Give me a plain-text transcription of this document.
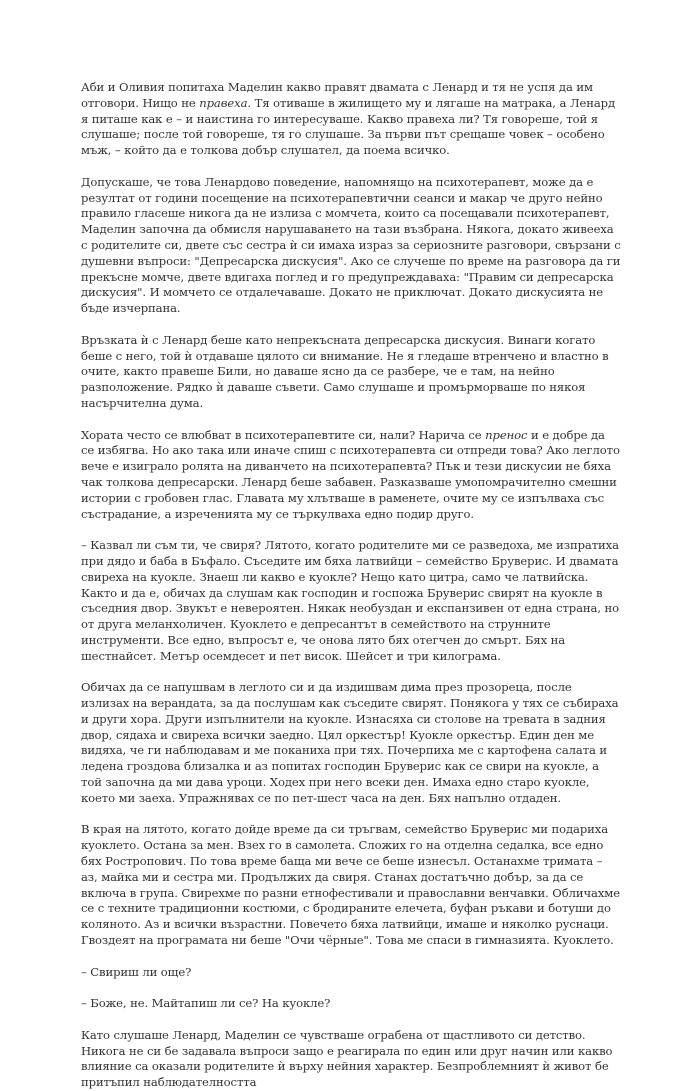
Аби и Оливия попитаха Маделин какво правят двамата с Ленард и тя не успя да им отговори. Нищо не правеха. Тя отиваше в жилището му и лягаше на матрака, а Ленард я питаше как е – и наистина го интересуваше. Какво правеха ли? Тя говореше, той я слушаше; после той говореше, тя го слушаше. За първи път срещаше човек – особено мъж, – който да е толкова добър слушател, да поема всичко.

Допускаше, че това Ленардово поведение, напомнящо на психотерапевт, може да е резултат от години посещение на психотерапевтични сеанси и макар че друго нейно правило гласеше никога да не излиза с момчета, които са посещавали психотерапевт, Маделин започна да обмисля нарушаването на тази възбрана. Някога, докато живееха с родителите си, двете със сестра ѝ си имаха израз за сериозните разговори, свързани с душевни въпроси: "Депресарска дискусия". Ако се случеше по време на разговора да ги прекъсне момче, двете вдигаха поглед и го предупреждаваха: "Правим си депресарска дискусия". И момчето се отдалечаваше. Докато не приключат. Докато дискусията не бъде изчерпана.

Връзката ѝ с Ленард беше като непрекъсната депресарска дискусия. Винаги когато беше с него, той ѝ отдаваше цялото си внимание. Не я гледаше втренчено и властно в очите, както правеше Били, но даваше ясно да се разбере, че е там, на нейно разположение. Рядко ѝ даваше съвети. Само слушаше и промърморваше по някоя насърчителна дума.

Хората често се влюбват в психотерапевтите си, нали? Нарича се пренос и е добре да се избягва. Но ако така или иначе спиш с психотерапевта си отпреди това? Ако леглото вече е изиграло ролята на диванчето на психотерапевта? Пък и тези дискусии не бяха чак толкова депресарски. Ленард беше забавен. Разказваше умопомрачително смешни истории с гробовен глас. Главата му хлътваше в раменете, очите му се изпълваха със състрадание, а изреченията му се търкулваха едно подир друго.

– Казвал ли съм ти, че свиря? Лятото, когато родителите ми се разведоха, ме изпратиха при дядо и баба в Бъфало. Съседите им бяха латвийци – семейство Бруверис. И двамата свиреха на куокле. Знаеш ли какво е куокле? Нещо като цитра, само че латвийска. Както и да е, обичах да слушам как господин и госпожа Бруверис свирят на куокле в съседния двор. Звукът е невероятен. Някак необуздан и експанзивен от една страна, но от друга меланхоличен. Куоклето е депресантът в семейството на струнните инструменти. Все едно, въпросът е, че онова лято бях отегчен до смърт. Бях на шестнайсет. Метър осемдесет и пет висок. Шейсет и три килограма.

Обичах да се напушвам в леглото си и да издишвам дима през прозореца, после излизах на верандата, за да послушам как съседите свирят. Понякога у тях се събираха и други хора. Други изпълнители на куокле. Изнасяха си столове на тревата в задния двор, сядаха и свиреха всички заедно. Цял оркестър! Куокле оркестър. Един ден ме видяха, че ги наблюдавам и ме поканиха при тях. Почерпиха ме с картофена салата и ледена гроздова близалка и аз попитах господин Бруверис как се свири на куокле, а той започна да ми дава уроци. Ходех при него всеки ден. Имаха едно старо куокле, което ми заеха. Упражнявах се по пет-шест часа на ден. Бях напълно отдаден.

В края на лятото, когато дойде време да си тръгвам, семейство Бруверис ми подариха куоклето. Остана за мен. Взех го в самолета. Сложих го на отделна седалка, все едно бях Ростропович. По това време баща ми вече се беше изнесъл. Останахме тримата – аз, майка ми и сестра ми. Продължих да свиря. Станах достатъчно добър, за да се включа в група. Свирехме по разни етнофестивали и православни венчавки. Обличахме се с техните традиционни костюми, с бродираните елечета, буфан ръкави и ботуши до коляното. Аз и всички възрастни. Повечето бяха латвийци, имаше и няколко руснаци. Гвоздеят на програмата ни беше "Очи чёрные". Това ме спаси в гимназията. Куоклето.

– Свириш ли още?

– Боже, не. Майтапиш ли се? На куокле?

Като слушаше Ленард, Маделин се чувстваше ограбена от щастливото си детство. Никога не си бе задавала въпроси защо е реагирала по един или друг начин или какво влияние са оказали родителите ѝ върху нейния характер. Безпроблемният ѝ живот бе притъпил наблюдателността
